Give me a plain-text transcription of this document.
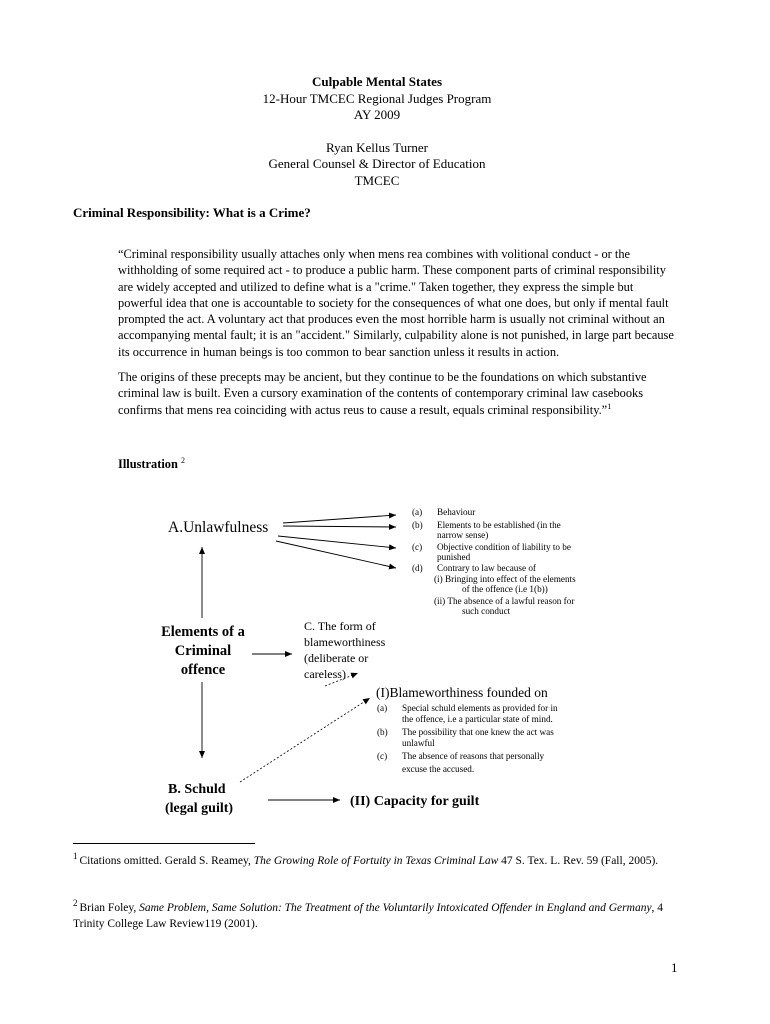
Culpable Mental States
12-Hour TMCEC Regional Judges Program
AY 2009
Ryan Kellus Turner
General Counsel & Director of Education
TMCEC
Criminal Responsibility: What is a Crime?

“Criminal responsibility usually attaches only when mens rea combines with volitional conduct - or the withholding of some required act - to produce a public harm. These component parts of criminal responsibility are widely accepted and utilized to define what is a "crime." Taken together, they express the simple but powerful idea that one is accountable to society for the consequences of what one does, but only if mental fault prompted the act. A voluntary act that produces even the most horrible harm is usually not criminal without an accompanying mental fault; it is an "accident." Similarly, culpability alone is not punished, in large part because its occurrence in human beings is too common to bear sanction unless it results in action.

The origins of these precepts may be ancient, but they continue to be the foundations on which substantive criminal law is built. Even a cursory examination of the contents of contemporary criminal law casebooks confirms that mens rea coinciding with actus reus to cause a result, equals criminal responsibility.”$^1$

Illustration $^2$
A.Unlawfulness
(a) Behaviour
(b) Elements to be established (in the
narrow sense)
(c) Objective condition of liability to be
punished
(d) Contrary to law because of
(i) Bringing into effect of the elements
of the offence (i.e 1(b))
(ii) The absence of a lawful reason for
such conduct
Elements of a
Criminal
offence
C. The form of
blameworthiness
(deliberate or
careless)
(I)Blameworthiness founded on
(a) Special schuld elements as provided for in
the offence, i.e a particular state of mind.
(b) The possibility that one knew the act was
unlawful
(c) The absence of reasons that personally
excuse the accused.
B. Schuld
(legal guilt)	(II) Capacity for guilt
$^1$ Citations omitted. Gerald S. Reamey, The Growing Role of Fortuity in Texas Criminal Law 47 S. Tex. L. Rev. 59 (Fall, 2005).
$^2$ Brian Foley, Same Problem, Same Solution: The Treatment of the Voluntarily Intoxicated Offender in England and Germany, 4 Trinity College Law Review119 (2001).
1
